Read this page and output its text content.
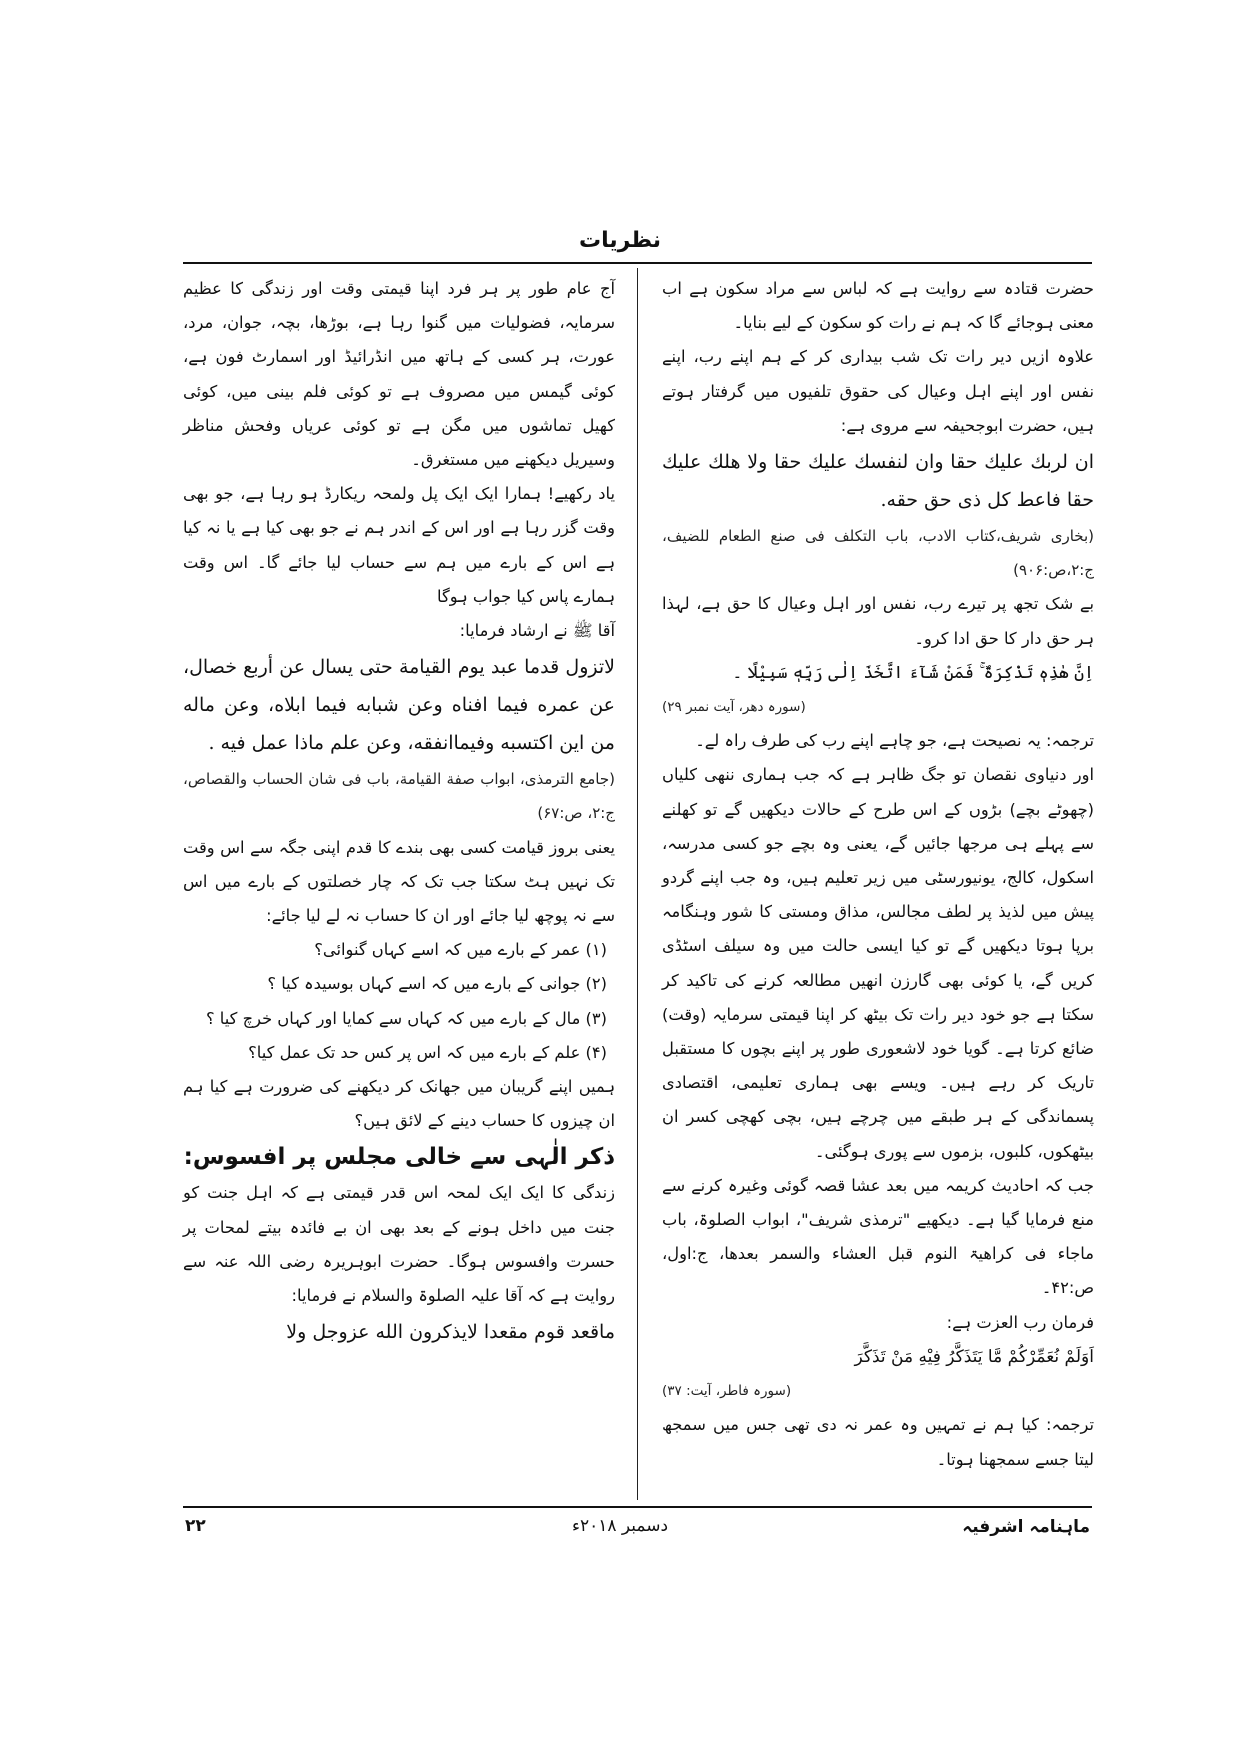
نظریات

حضرت قتادہ سے روایت ہے کہ لباس سے مراد سکون ہے اب معنی ہوجائے گا کہ ہم نے رات کو سکون کے لیے بنایا۔

علاوہ ازیں دیر رات تک شب بیداری کر کے ہم اپنے رب، اپنے نفس اور اپنے اہل وعیال کی حقوق تلفیوں میں گرفتار ہوتے ہیں، حضرت ابوجحیفہ سے مروی ہے:

ان لربك عليك حقا وان لنفسك عليك حقا ولا هلك عليك حقا فاعط كل ذی حق حقه.

(بخاری شریف،کتاب الادب، باب التكلف فی صنع الطعام للضیف، ج:۲،ص:۹۰۶)

بے شک تجھ پر تیرے رب، نفس اور اہل وعیال کا حق ہے، لہذا ہر حق دار کا حق ادا کرو۔

اِنَّ هٰذِهٖ تَذْكِرَةٌ ۚ فَمَنْ شَآءَ اتَّخَذَ اِلٰى رَبِّهٖ سَبِيْلًا ۔

(سورہ دھر، آیت نمبر ۲۹)

ترجمہ: یہ نصیحت ہے، جو چاہے اپنے رب کی طرف راہ لے۔

اور دنیاوی نقصان تو جگ ظاہر ہے کہ جب ہماری ننھی کلیاں (چھوٹے بچے) بڑوں کے اس طرح کے حالات دیکھیں گے تو کھلنے سے پہلے ہی مرجھا جائیں گے، یعنی وہ بچے جو کسی مدرسہ، اسکول، کالج، یونیورسٹی میں زیر تعلیم ہیں، وہ جب اپنے گردو پیش میں لذیذ پر لطف مجالس، مذاق ومستی کا شور وہنگامہ برپا ہوتا دیکھیں گے تو کیا ایسی حالت میں وہ سیلف اسٹڈی کریں گے، یا کوئی بھی گارزن انھیں مطالعہ کرنے کی تاکید کر سکتا ہے جو خود دیر رات تک بیٹھ کر اپنا قیمتی سرمایہ (وقت) ضائع کرتا ہے۔ گویا خود لاشعوری طور پر اپنے بچوں کا مستقبل تاریک کر رہے ہیں۔ ویسے بھی ہماری تعلیمی، اقتصادی پسماندگی کے ہر طبقے میں چرچے ہیں، بچی کھچی کسر ان بیٹھکوں، کلبوں، بزموں سے پوری ہوگئی۔

جب کہ احادیث کریمہ میں بعد عشا قصہ گوئی وغیرہ کرنے سے منع فرمایا گیا ہے۔ دیکھیے "ترمذی شریف"، ابواب الصلوۃ، باب ماجاء فی کراھیۃ النوم قبل العشاء والسمر بعدھا، ج:اول، ص:۴۲۔

فرمان رب العزت ہے:

اَوَلَمْ نُعَمِّرْكُمْ مَّا يَتَذَكَّرُ فِيْهِ مَنْ تَذَكَّرَ

(سورہ فاطر، آیت: ۳۷)

ترجمہ: کیا ہم نے تمہیں وہ عمر نہ دی تھی جس میں سمجھ لیتا جسے سمجھنا ہوتا۔

آج عام طور پر ہر فرد اپنا قیمتی وقت اور زندگی کا عظیم سرمایہ، فضولیات میں گنوا رہا ہے، بوڑھا، بچہ، جوان، مرد، عورت، ہر کسی کے ہاتھ میں انڈرائیڈ اور اسمارٹ فون ہے، کوئی گیمس میں مصروف ہے تو کوئی فلم بینی میں، کوئی کھیل تماشوں میں مگن ہے تو کوئی عریاں وفحش مناظر وسیریل دیکھنے میں مستغرق۔

یاد رکھیے! ہمارا ایک ایک پل ولمحہ ریکارڈ ہو رہا ہے، جو بھی وقت گزر رہا ہے اور اس کے اندر ہم نے جو بھی کیا ہے یا نہ کیا ہے اس کے بارے میں ہم سے حساب لیا جائے گا۔ اس وقت ہمارے پاس کیا جواب ہوگا

آقا ﷺ نے ارشاد فرمایا:

لاتزول قدما عبد یوم القيامة حتی يسال عن أربع خصال، عن عمره فيما افناه وعن شبابه فيما ابلاه، وعن ماله من اين اكتسبه وفيماانفقه، وعن علم ماذا عمل فيه .

(جامع الترمذی، ابواب صفة القيامة، باب فی شان الحساب والقصاص، ج:۲، ص:۶۷)

یعنی بروز قیامت کسی بھی بندے کا قدم اپنی جگہ سے اس وقت تک نہیں ہٹ سکتا جب تک کہ چار خصلتوں کے بارے میں اس سے نہ پوچھ لیا جائے اور ان کا حساب نہ لے لیا جائے:

(۱) عمر کے بارے میں کہ اسے کہاں گنوائی؟

(۲) جوانی کے بارے میں کہ اسے کہاں بوسیدہ کیا ؟

(۳) مال کے بارے میں کہ کہاں سے کمایا اور کہاں خرچ کیا ؟

(۴) علم کے بارے میں کہ اس پر کس حد تک عمل کیا؟

ہمیں اپنے گریبان میں جھانک کر دیکھنے کی ضرورت ہے کیا ہم ان چیزوں کا حساب دینے کے لائق ہیں؟

ذکر الٰہی سے خالی مجلس پر افسوس:

زندگی کا ایک ایک لمحہ اس قدر قیمتی ہے کہ اہل جنت کو جنت میں داخل ہونے کے بعد بھی ان بے فائدہ بیتے لمحات پر حسرت وافسوس ہوگا۔ حضرت ابوہریرہ رضی اللہ عنہ سے روایت ہے کہ آقا علیہ الصلوۃ والسلام نے فرمایا:

ماقعد قوم مقعدا لايذكرون الله عزوجل ولا

ماہنامہ اشرفیہ
دسمبر ۲۰۱۸ء
۲۲
